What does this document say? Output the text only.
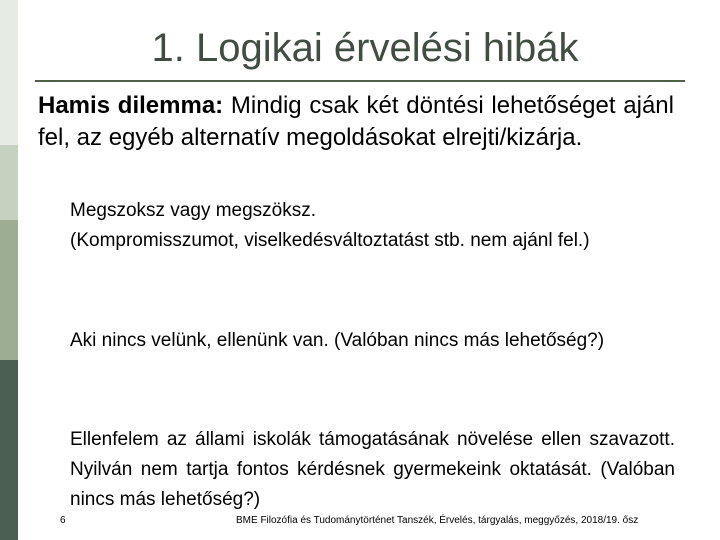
1. Logikai érvelési hibák
Hamis dilemma: Mindig csak két döntési lehetőséget ajánl fel, az egyéb alternatív megoldásokat elrejti/kizárja.
Megszoksz vagy megszöksz.
(Kompromisszumot, viselkedésváltoztatást stb. nem ajánl fel.)
Aki nincs velünk, ellenünk van. (Valóban nincs más lehetőség?)
Ellenfelem az állami iskolák támogatásának növelése ellen szavazott. Nyilván nem tartja fontos kérdésnek gyermekeink oktatását. (Valóban nincs más lehetőség?)
6	BME Filozófia és Tudománytörténet Tanszék, Érvelés, tárgyalás, meggyőzés, 2018/19. ősz
